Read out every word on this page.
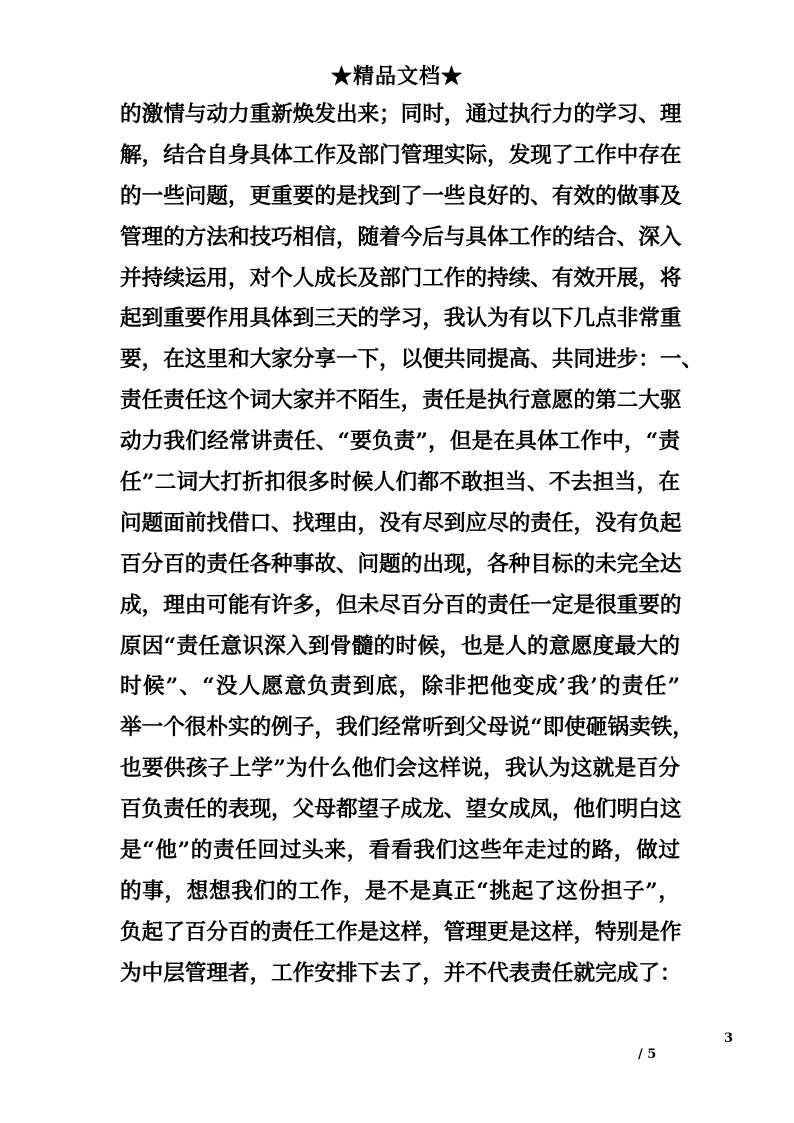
★精品文档★
的激情与动力重新焕发出来；同时，通过执行力的学习、理
解，结合自身具体工作及部门管理实际，发现了工作中存在
的一些问题，更重要的是找到了一些良好的、有效的做事及
管理的方法和技巧相信，随着今后与具体工作的结合、深入
并持续运用，对个人成长及部门工作的持续、有效开展，将
起到重要作用具体到三天的学习，我认为有以下几点非常重
要，在这里和大家分享一下，以便共同提高、共同进步：一、
责任责任这个词大家并不陌生，责任是执行意愿的第二大驱
动力我们经常讲责任、“要负责”，但是在具体工作中，“责
任”二词大打折扣很多时候人们都不敢担当、不去担当，在
问题面前找借口、找理由，没有尽到应尽的责任，没有负起
百分百的责任各种事故、问题的出现，各种目标的未完全达
成，理由可能有许多，但未尽百分百的责任一定是很重要的
原因“责任意识深入到骨髓的时候，也是人的意愿度最大的
时候”、“没人愿意负责到底，除非把他变成’我’的责任”
举一个很朴实的例子，我们经常听到父母说“即使砸锅卖铁，
也要供孩子上学”为什么他们会这样说，我认为这就是百分
百负责任的表现，父母都望子成龙、望女成凤，他们明白这
是“他”的责任回过头来，看看我们这些年走过的路，做过
的事，想想我们的工作，是不是真正“挑起了这份担子”，
负起了百分百的责任工作是这样，管理更是这样，特别是作
为中层管理者，工作安排下去了，并不代表责任就完成了：
3
/ 5
